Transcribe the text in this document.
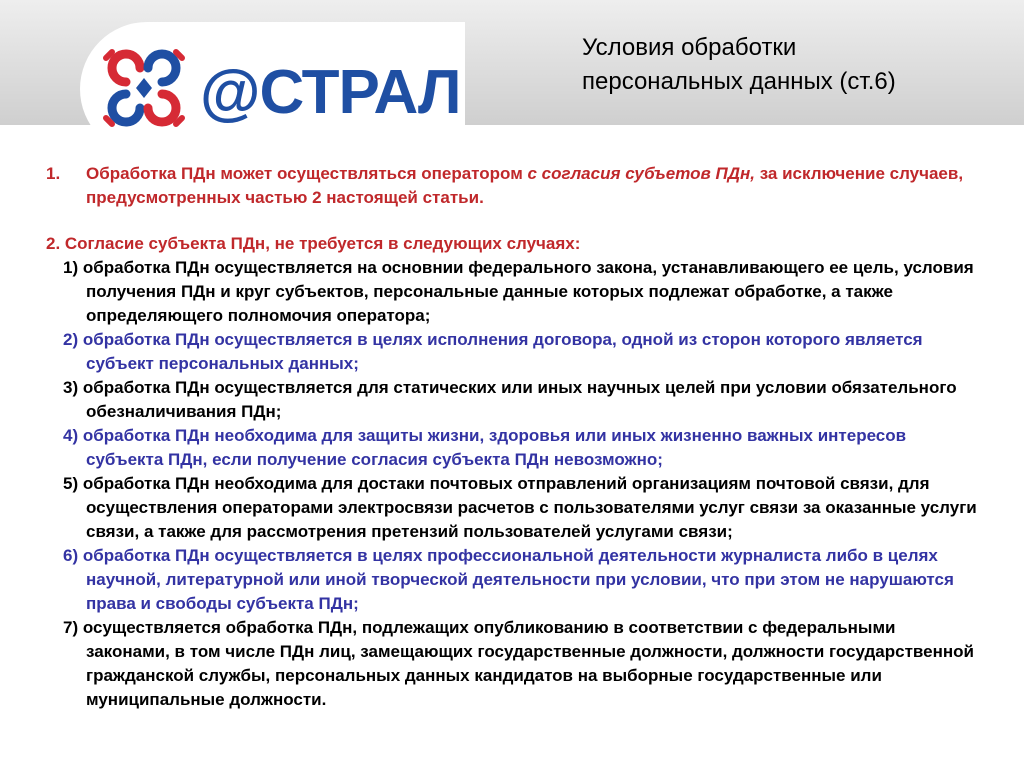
@СТРАЛ
Условия обработки
персональных данных (ст.6)
1. Обработка ПДн может осуществляться оператором с согласия субъетов ПДн, за исключение случаев, предусмотренных частью 2 настоящей статьи.
2. Согласие субъекта ПДн, не требуется в следующих случаях:
1) обработка ПДн осуществляется на основнии федерального закона, устанавливающего ее цель, условия получения ПДн и круг субъектов, персональные данные которых подлежат обработке, а также определяющего полномочия оператора;
2) обработка ПДн осуществляется в целях исполнения договора, одной из сторон которого является субъект персональных данных;
3) обработка ПДн осуществляется для статических или иных научных целей при условии обязательного обезналичивания ПДн;
4) обработка ПДн необходима для защиты жизни, здоровья или иных жизненно важных интересов субъекта ПДн, если получение согласия субъекта ПДн невозможно;
5) обработка ПДн необходима для достаки почтовых отправлений организациям почтовой связи, для осуществления операторами электросвязи расчетов с пользователями услуг связи за оказанные услуги связи, а также для рассмотрения претензий пользователей услугами связи;
6) обработка ПДн осуществляется в целях профессиональной деятельности журналиста либо в целях научной, литературной или иной творческой деятельности при условии, что при этом не нарушаются права и свободы субъекта ПДн;
7) осуществляется обработка ПДн, подлежащих опубликованию в соответствии с федеральными законами, в том числе ПДн лиц, замещающих государственные должности, должности государственной гражданской службы, персональных данных кандидатов на выборные государственные или муниципальные должности.
